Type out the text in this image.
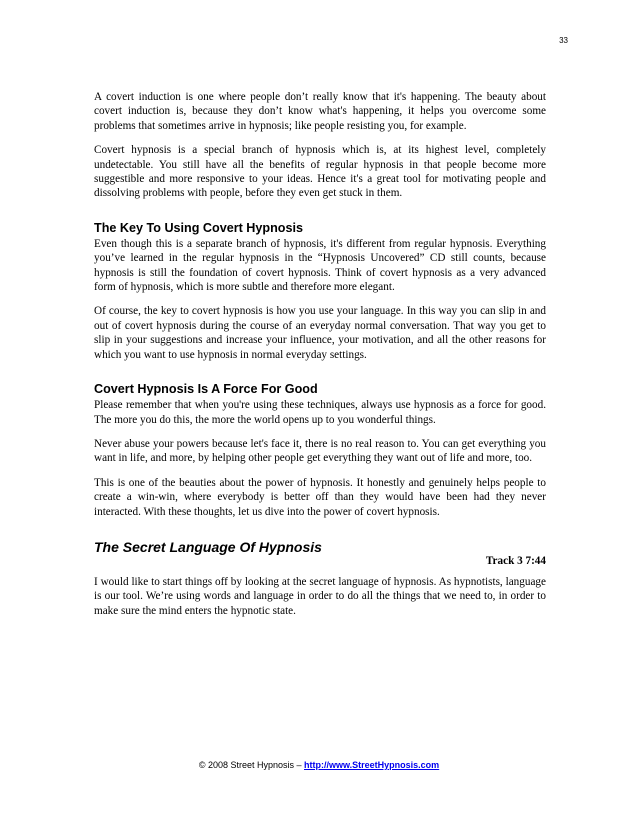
33

A covert induction is one where people don’t really know that it's happening. The beauty about covert induction is, because they don’t know what's happening, it helps you overcome some problems that sometimes arrive in hypnosis; like people resisting you, for example.

Covert hypnosis is a special branch of hypnosis which is, at its highest level, completely undetectable. You still have all the benefits of regular hypnosis in that people become more suggestible and more responsive to your ideas. Hence it's a great tool for motivating people and dissolving problems with people, before they even get stuck in them.

The Key To Using Covert Hypnosis

Even though this is a separate branch of hypnosis, it's different from regular hypnosis. Everything you’ve learned in the regular hypnosis in the “Hypnosis Uncovered” CD still counts, because hypnosis is still the foundation of covert hypnosis. Think of covert hypnosis as a very advanced form of hypnosis, which is more subtle and therefore more elegant.

Of course, the key to covert hypnosis is how you use your language. In this way you can slip in and out of covert hypnosis during the course of an everyday normal conversation. That way you get to slip in your suggestions and increase your influence, your motivation, and all the other reasons for which you want to use hypnosis in normal everyday settings.

Covert Hypnosis Is A Force For Good

Please remember that when you're using these techniques, always use hypnosis as a force for good. The more you do this, the more the world opens up to you wonderful things.

Never abuse your powers because let's face it, there is no real reason to. You can get everything you want in life, and more, by helping other people get everything they want out of life and more, too.

This is one of the beauties about the power of hypnosis. It honestly and genuinely helps people to create a win-win, where everybody is better off than they would have been had they never interacted. With these thoughts, let us dive into the power of covert hypnosis.

The Secret Language Of Hypnosis
Track 3 7:44

I would like to start things off by looking at the secret language of hypnosis. As hypnotists, language is our tool. We’re using words and language in order to do all the things that we need to, in order to make sure the mind enters the hypnotic state.

© 2008 Street Hypnosis – http://www.StreetHypnosis.com
